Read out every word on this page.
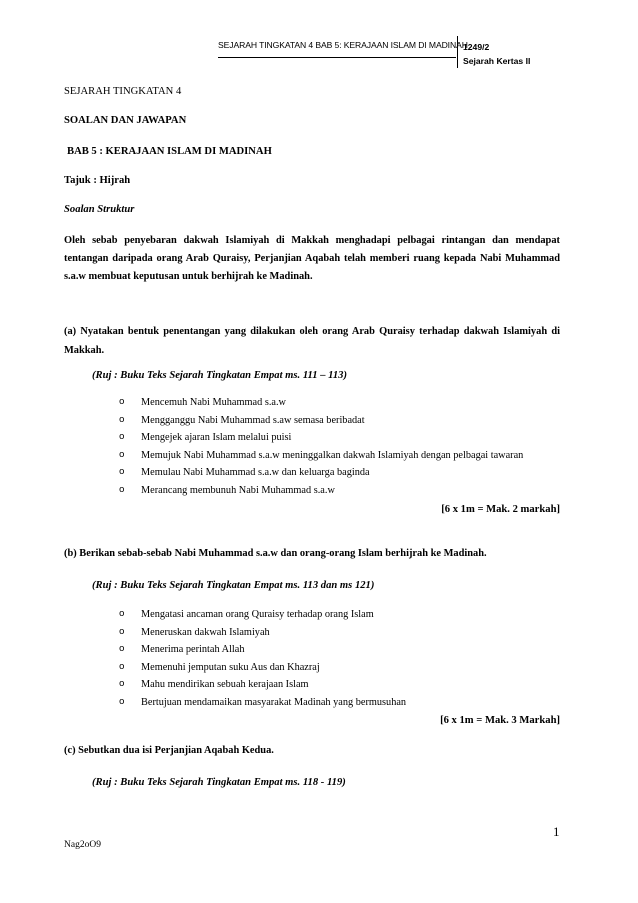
SEJARAH TINGKATAN 4 BAB 5: KERAJAAN ISLAM DI MADINAH
1249/2
Sejarah Kertas II
SEJARAH TINGKATAN 4
SOALAN DAN JAWAPAN
BAB 5 : KERAJAAN ISLAM DI MADINAH
Tajuk : Hijrah
Soalan Struktur
Oleh sebab penyebaran dakwah Islamiyah di Makkah menghadapi pelbagai rintangan dan mendapat
tentangan daripada orang Arab Quraisy, Perjanjian Aqabah telah memberi ruang kepada Nabi Muhammad
s.a.w membuat keputusan untuk berhijrah ke Madinah.
(a) Nyatakan bentuk penentangan yang dilakukan oleh orang Arab Quraisy terhadap dakwah Islamiyah di
Makkah.
(Ruj : Buku Teks Sejarah Tingkatan Empat ms. 111 – 113)
o Mencemuh Nabi Muhammad s.a.w
o Mengganggu Nabi Muhammad s.aw semasa beribadat
o Mengejek ajaran Islam melalui puisi
o Memujuk Nabi Muhammad s.a.w meninggalkan dakwah Islamiyah dengan pelbagai tawaran
o Memulau Nabi Muhammad s.a.w dan keluarga baginda
o Merancang membunuh Nabi Muhammad s.a.w
[6 x 1m = Mak. 2 markah]
(b) Berikan sebab-sebab Nabi Muhammad s.a.w dan orang-orang Islam berhijrah ke Madinah.
(Ruj : Buku Teks Sejarah Tingkatan Empat ms. 113 dan ms 121)
o Mengatasi ancaman orang Quraisy terhadap orang Islam
o Meneruskan dakwah Islamiyah
o Menerima perintah Allah
o Memenuhi jemputan suku Aus dan Khazraj
o Mahu mendirikan sebuah kerajaan Islam
o Bertujuan mendamaikan masyarakat Madinah yang bermusuhan
[6 x 1m = Mak. 3 Markah]
(c) Sebutkan dua isi Perjanjian Aqabah Kedua.
(Ruj : Buku Teks Sejarah Tingkatan Empat ms. 118 - 119)
1
Nag2oO9
